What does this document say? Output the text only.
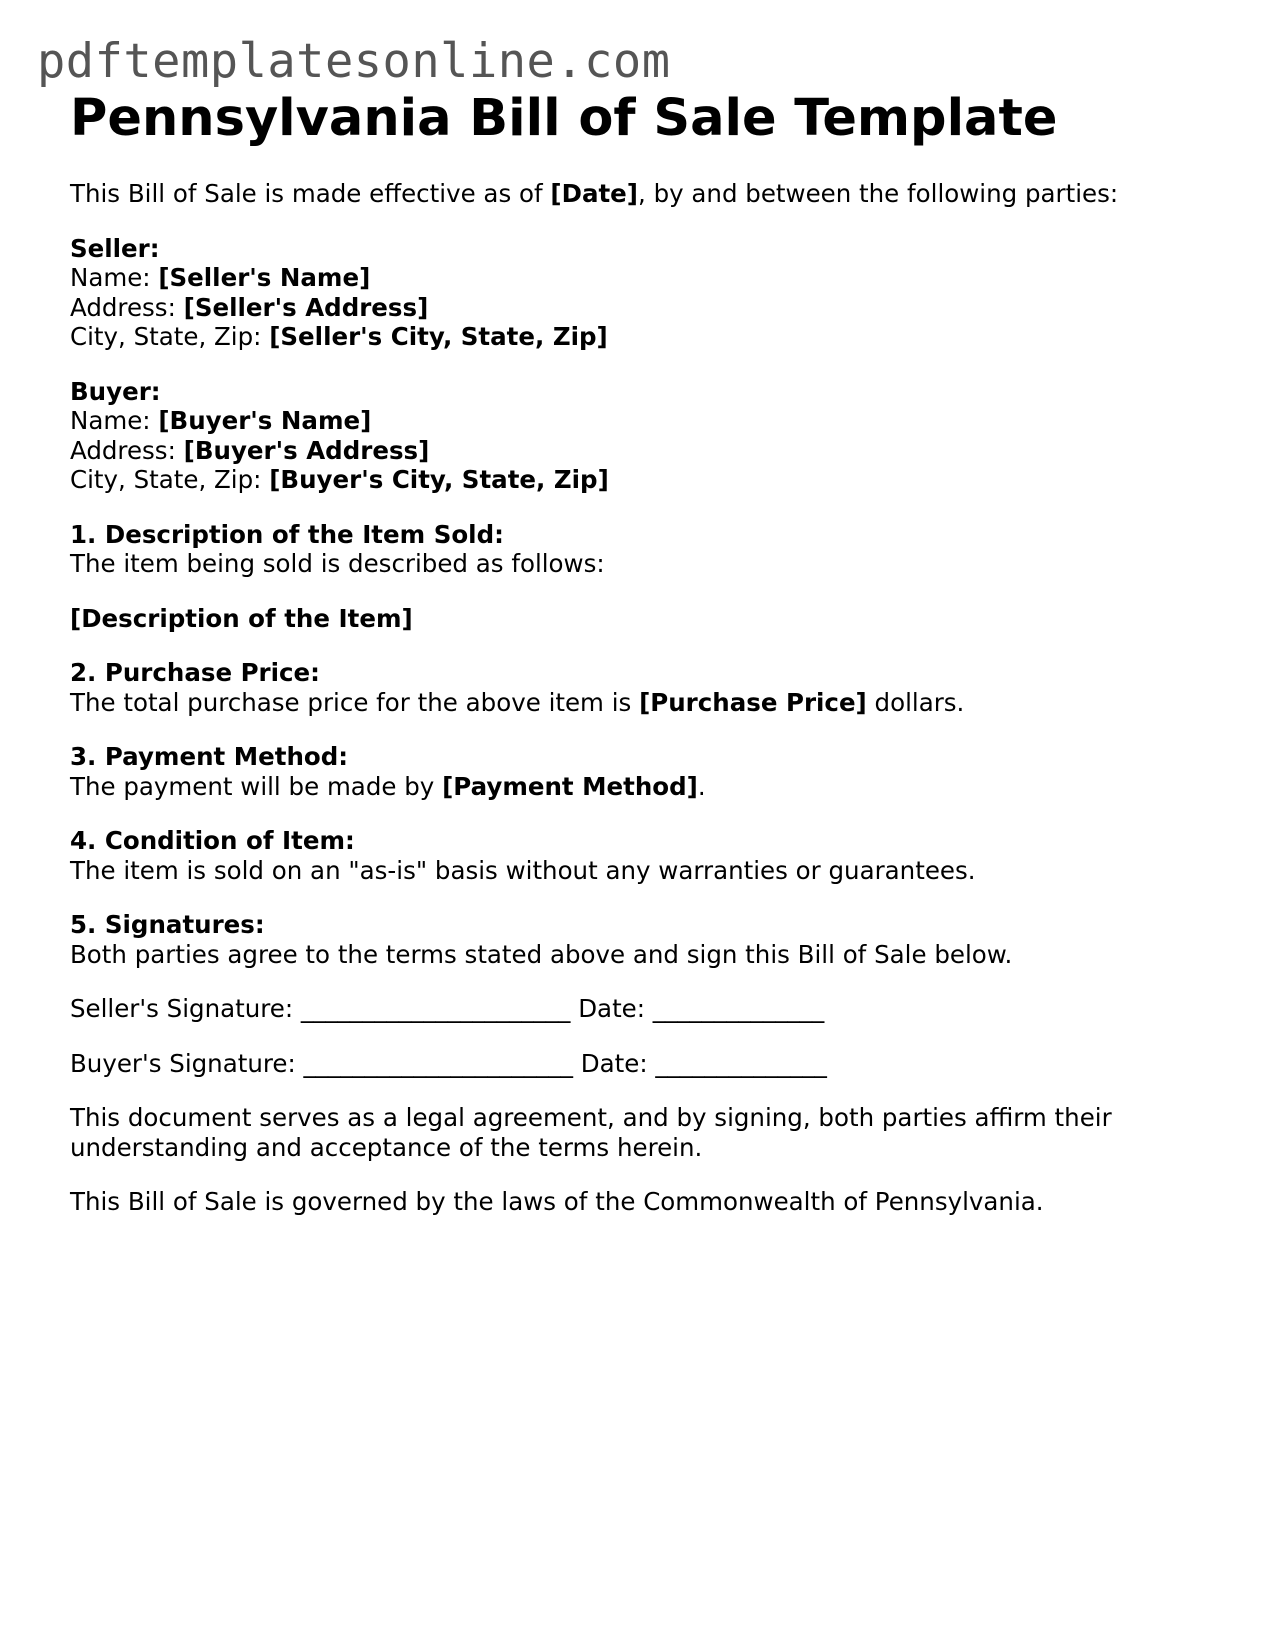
pdftemplatesonline.com
Pennsylvania Bill of Sale Template

This Bill of Sale is made effective as of [Date], by and between the following parties:

Seller:

Name: [Seller's Name]

Address: [Seller's Address]

City, State, Zip: [Seller's City, State, Zip]

Buyer:

Name: [Buyer's Name]

Address: [Buyer's Address]

City, State, Zip: [Buyer's City, State, Zip]

1. Description of the Item Sold:

The item being sold is described as follows:

[Description of the Item]

2. Purchase Price:

The total purchase price for the above item is [Purchase Price] dollars.

3. Payment Method:

The payment will be made by [Payment Method].

4. Condition of Item:

The item is sold on an "as-is" basis without any warranties or guarantees.

5. Signatures:

Both parties agree to the terms stated above and sign this Bill of Sale below.

Seller's Signature: ______________________ Date: ______________

Buyer's Signature: ______________________ Date: ______________

This document serves as a legal agreement, and by signing, both parties affirm their

understanding and acceptance of the terms herein.

This Bill of Sale is governed by the laws of the Commonwealth of Pennsylvania.
